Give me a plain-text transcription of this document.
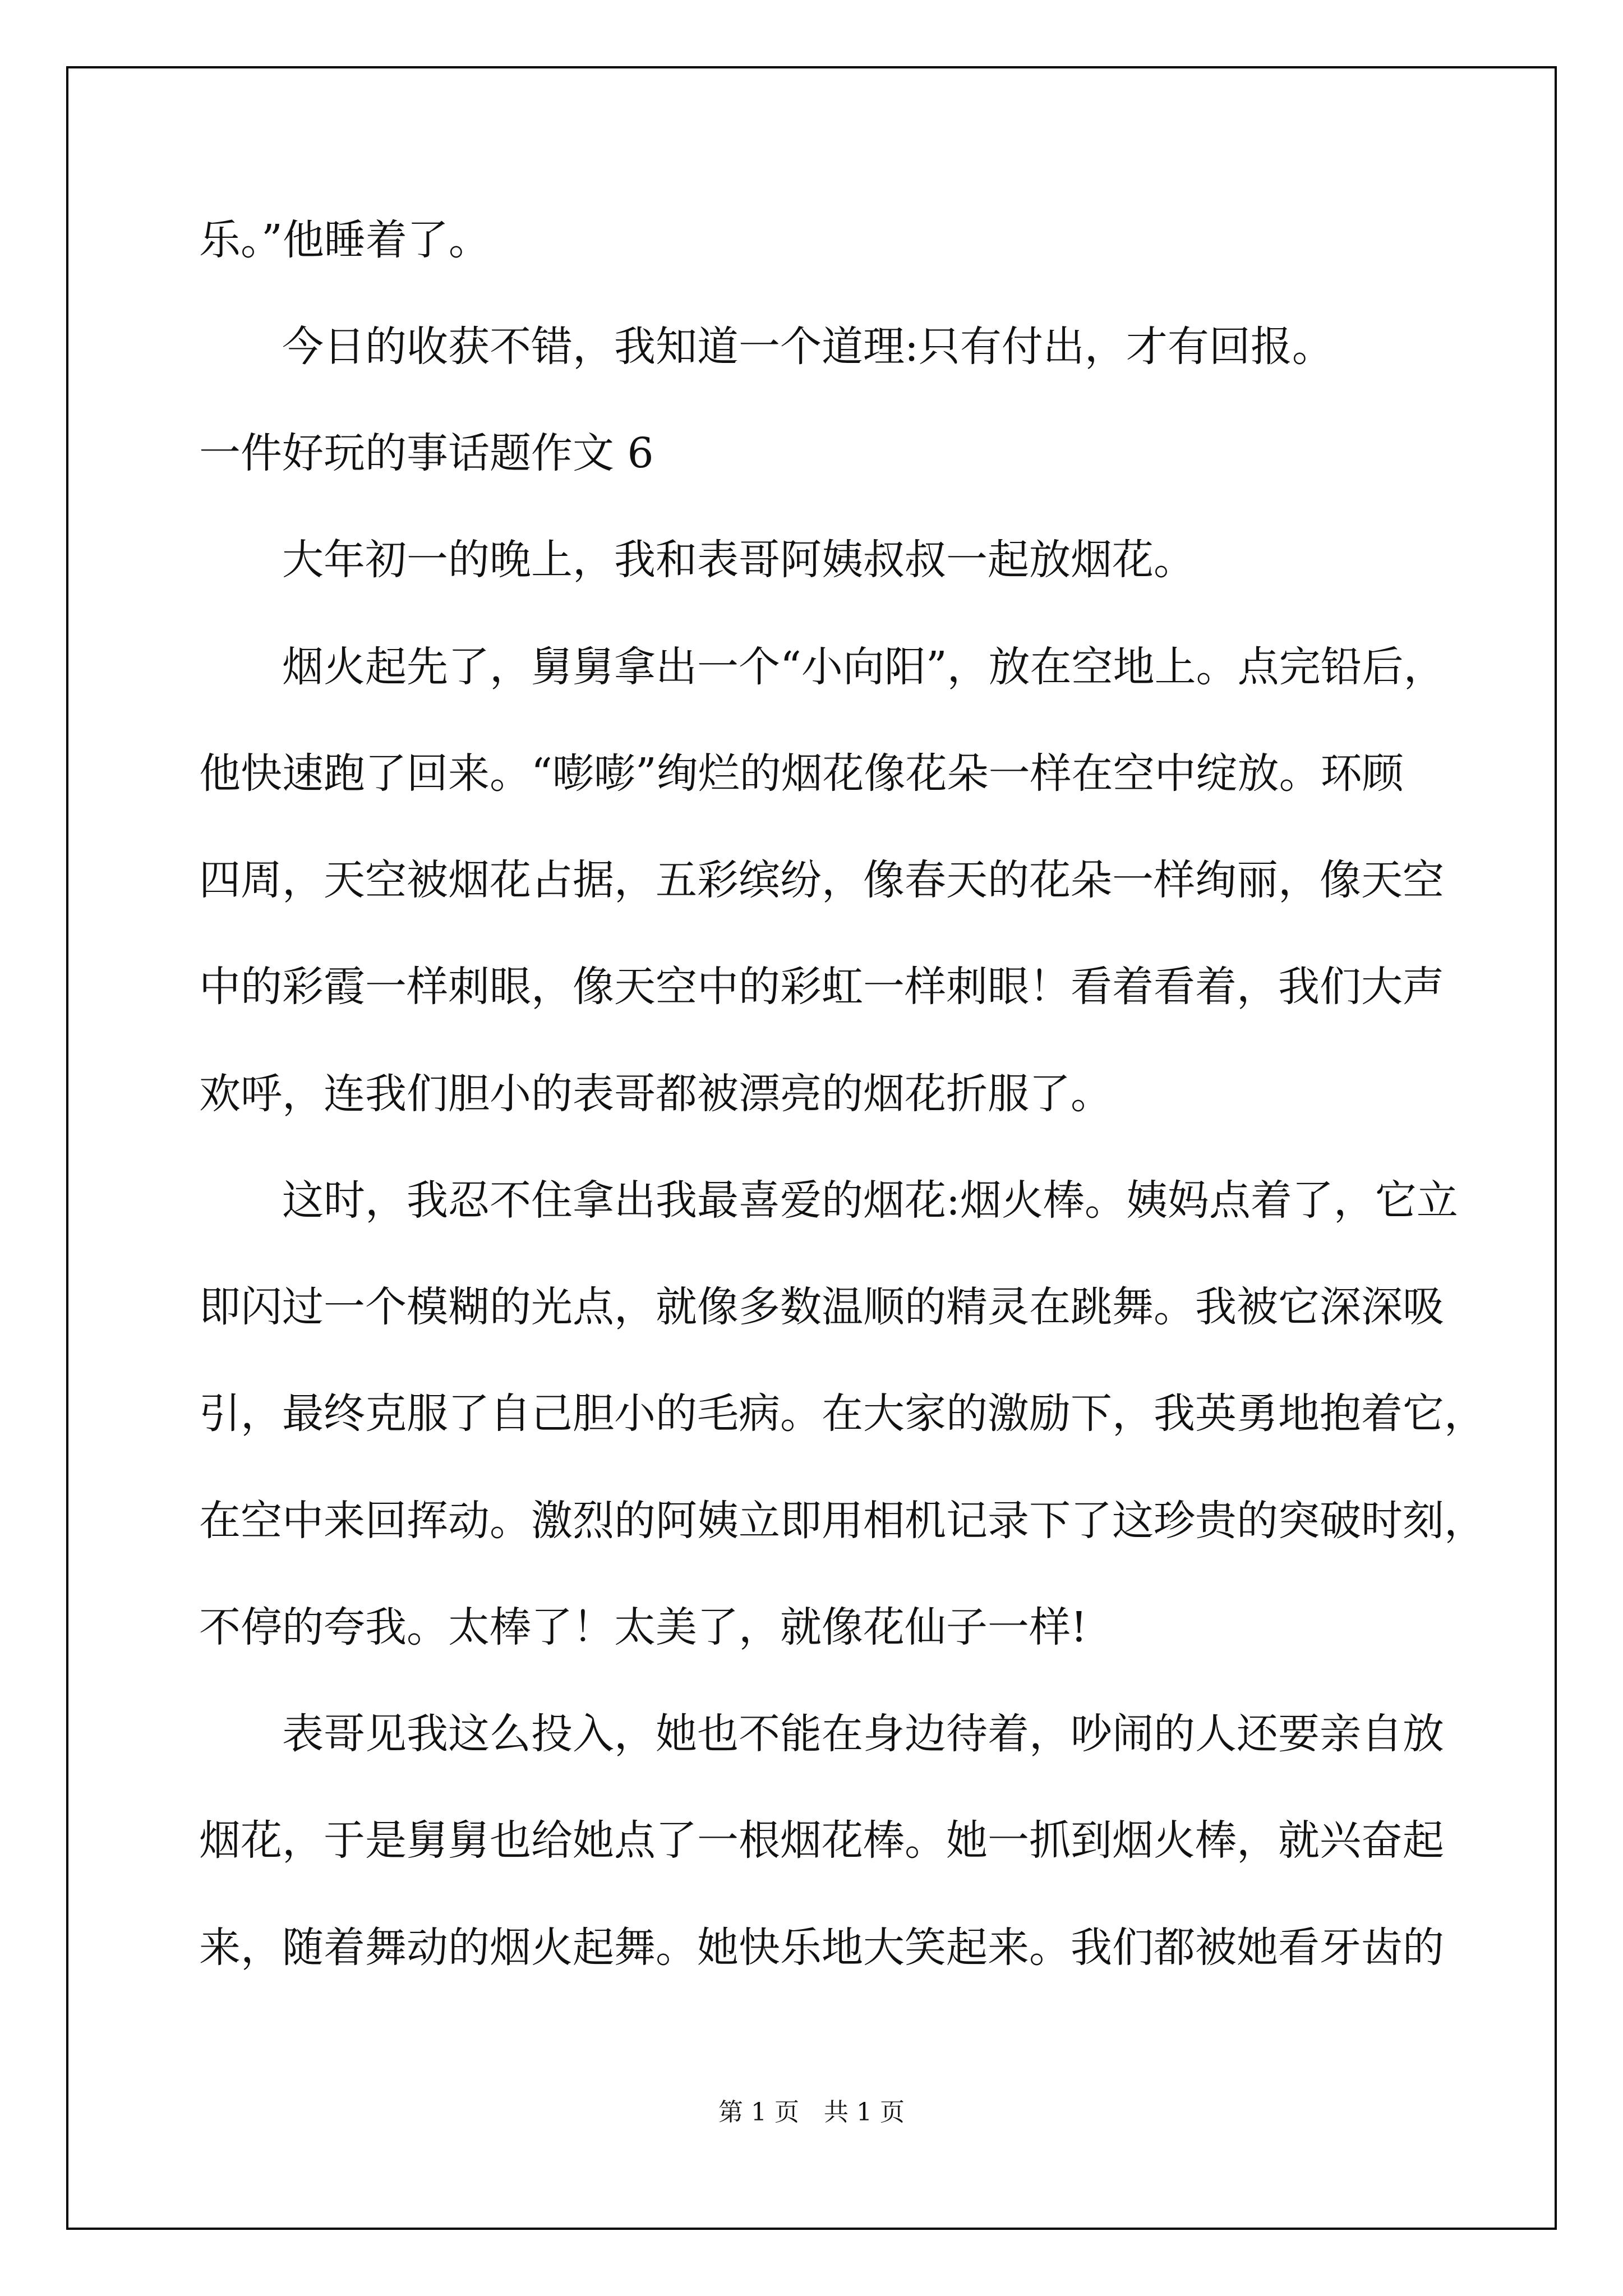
乐。”他睡着了。
今日的收获不错，我知道一个道理:只有付出，才有回报。
一件好玩的事话题作文 6
大年初一的晚上，我和表哥阿姨叔叔一起放烟花。
烟火起先了，舅舅拿出一个“小向阳”，放在空地上。点完铅后，
他快速跑了回来。“嘭嘭”绚烂的烟花像花朵一样在空中绽放。环顾
四周，天空被烟花占据，五彩缤纷，像春天的花朵一样绚丽，像天空
中的彩霞一样刺眼，像天空中的彩虹一样刺眼！看着看着，我们大声
欢呼，连我们胆小的表哥都被漂亮的烟花折服了。
这时，我忍不住拿出我最喜爱的烟花:烟火棒。姨妈点着了，它立
即闪过一个模糊的光点，就像多数温顺的精灵在跳舞。我被它深深吸
引，最终克服了自己胆小的毛病。在大家的激励下，我英勇地抱着它，
在空中来回挥动。激烈的阿姨立即用相机记录下了这珍贵的突破时刻，
不停的夸我。太棒了！太美了，就像花仙子一样!
表哥见我这么投入，她也不能在身边待着，吵闹的人还要亲自放
烟花，于是舅舅也给她点了一根烟花棒。她一抓到烟火棒，就兴奋起
来，随着舞动的烟火起舞。她快乐地大笑起来。我们都被她看牙齿的
第 1 页　共 1 页
